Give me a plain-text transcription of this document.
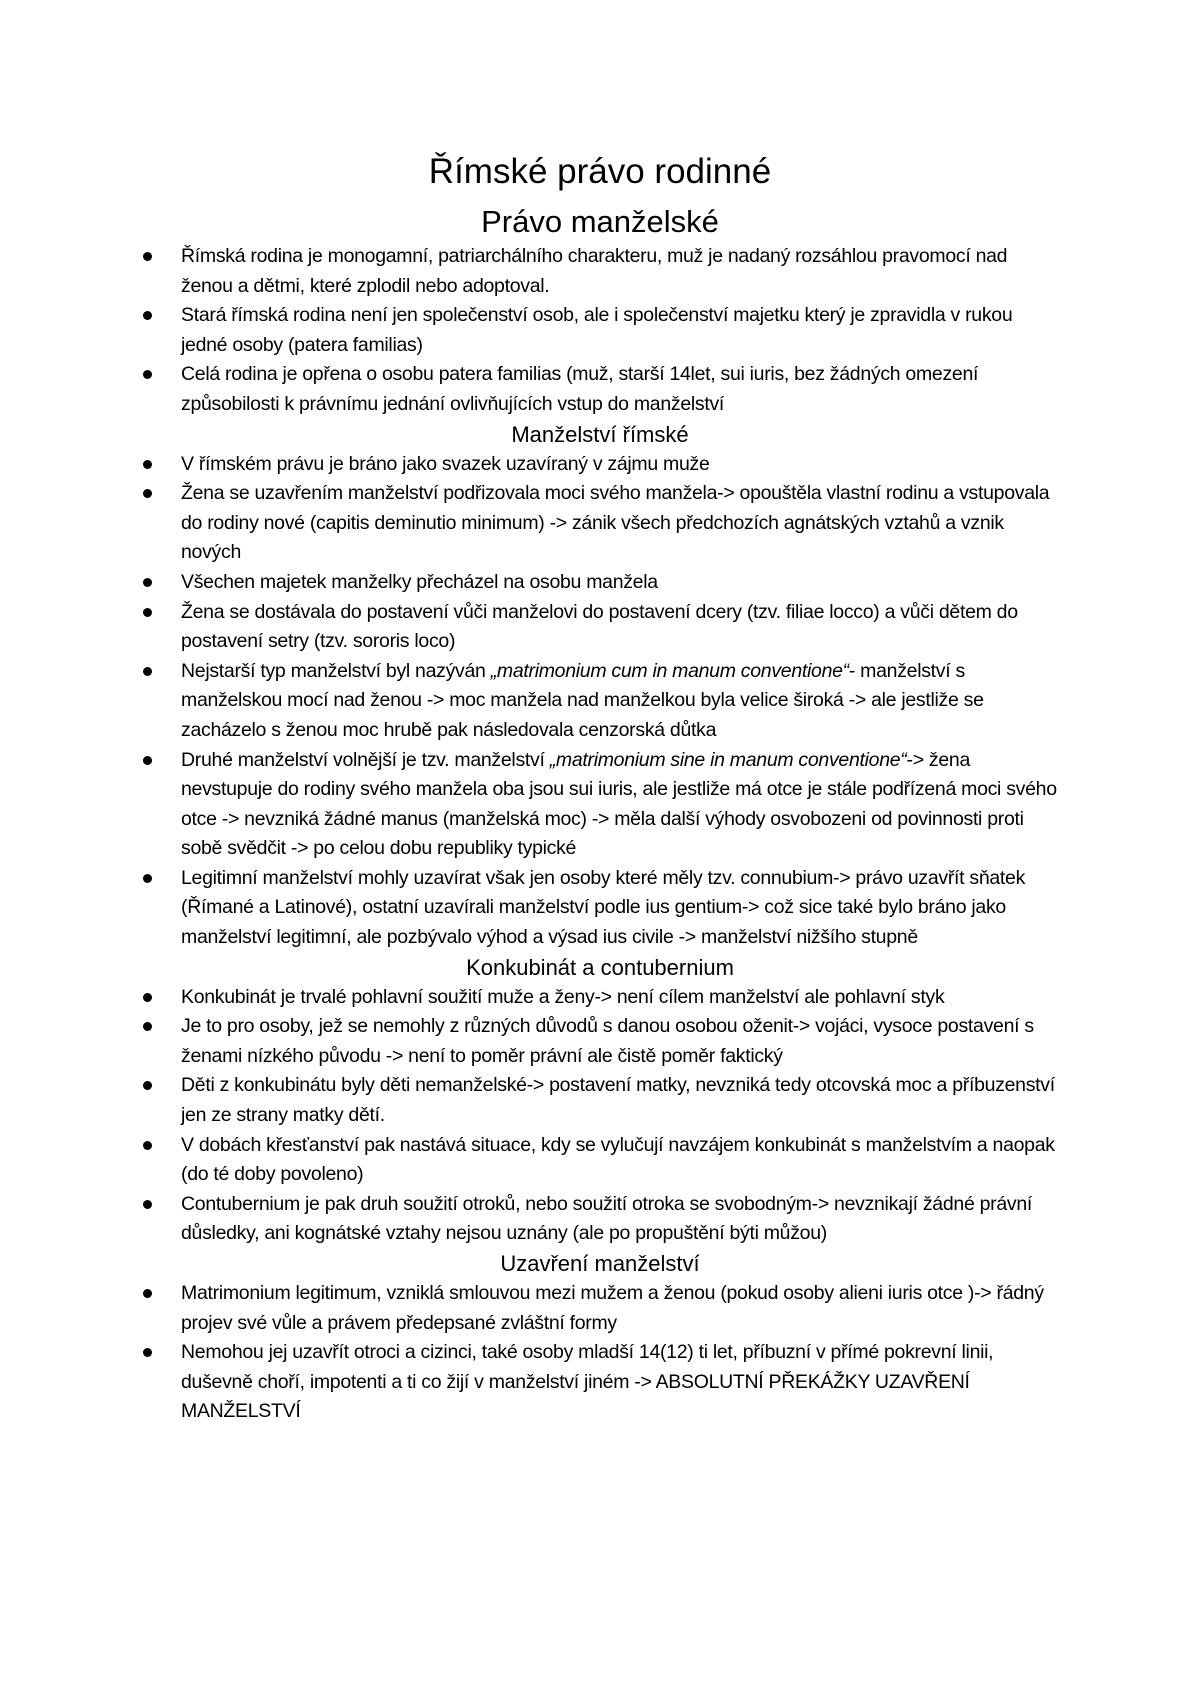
Římské právo rodinné
Právo manželské
Římská rodina je monogamní, patriarchálního charakteru, muž je nadaný rozsáhlou pravomocí nad ženou a dětmi, které zplodil nebo adoptoval.
Stará římská rodina není jen společenství osob, ale i společenství majetku který je zpravidla v rukou jedné osoby (patera familias)
Celá rodina je opřena o osobu patera familias (muž, starší 14let, sui iuris, bez žádných omezení způsobilosti k právnímu jednání ovlivňujících vstup do manželství
Manželství římské
V římském právu je bráno jako svazek uzavíraný v zájmu muže
Žena se uzavřením manželství podřizovala moci svého manžela-> opouštěla vlastní rodinu a vstupovala do rodiny nové (capitis deminutio minimum) -> zánik všech předchozích agnátských vztahů a vznik nových
Všechen majetek manželky přecházel na osobu manžela
Žena se dostávala do postavení vůči manželovi do postavení dcery (tzv. filiae locco) a vůči dětem do postavení setry (tzv. sororis loco)
Nejstarší typ manželství byl nazýván „matrimonium cum in manum conventione“- manželství s manželskou mocí nad ženou -> moc manžela nad manželkou byla velice široká -> ale jestliže se zacházelo s ženou moc hrubě pak následovala cenzorská důtka
Druhé manželství volnější je tzv. manželství „matrimonium sine in manum conventione“-> žena nevstupuje do rodiny svého manžela oba jsou sui iuris, ale jestliže má otce je stále podřízená moci svého otce -> nevzniká žádné manus (manželská moc) -> měla další výhody osvobozeni od povinnosti proti sobě svědčit -> po celou dobu republiky typické
Legitimní manželství mohly uzavírat však jen osoby které měly tzv. connubium-> právo uzavřít sňatek (Římané a Latinové), ostatní uzavírali manželství podle ius gentium-> což sice také bylo bráno jako manželství legitimní, ale pozbývalo výhod a výsad ius civile -> manželství nižšího stupně
Konkubinát a contubernium
Konkubinát je trvalé pohlavní soužití muže a ženy-> není cílem manželství ale pohlavní styk
Je to pro osoby, jež se nemohly z různých důvodů s danou osobou oženit-> vojáci, vysoce postavení s ženami nízkého původu -> není to poměr právní ale čistě poměr faktický
Děti z konkubinátu byly děti nemanželské-> postavení matky, nevzniká tedy otcovská moc a příbuzenství jen ze strany matky dětí.
V dobách křesťanství pak nastává situace, kdy se vylučují navzájem konkubinát s manželstvím a naopak (do té doby povoleno)
Contubernium je pak druh soužití otroků, nebo soužití otroka se svobodným-> nevznikají žádné právní důsledky, ani kognátské vztahy nejsou uznány (ale po propuštění býti můžou)
Uzavření manželství
Matrimonium legitimum, vzniklá smlouvou mezi mužem a ženou (pokud osoby alieni iuris otce )-> řádný projev své vůle a právem předepsané zvláštní formy
Nemohou jej uzavřít otroci a cizinci, také osoby mladší 14(12) ti let, příbuzní v přímé pokrevní linii, duševně choří, impotenti a ti co žijí v manželství jiném -> ABSOLUTNÍ PŘEKÁŽKY UZAVŘENÍ MANŽELSTVÍ
